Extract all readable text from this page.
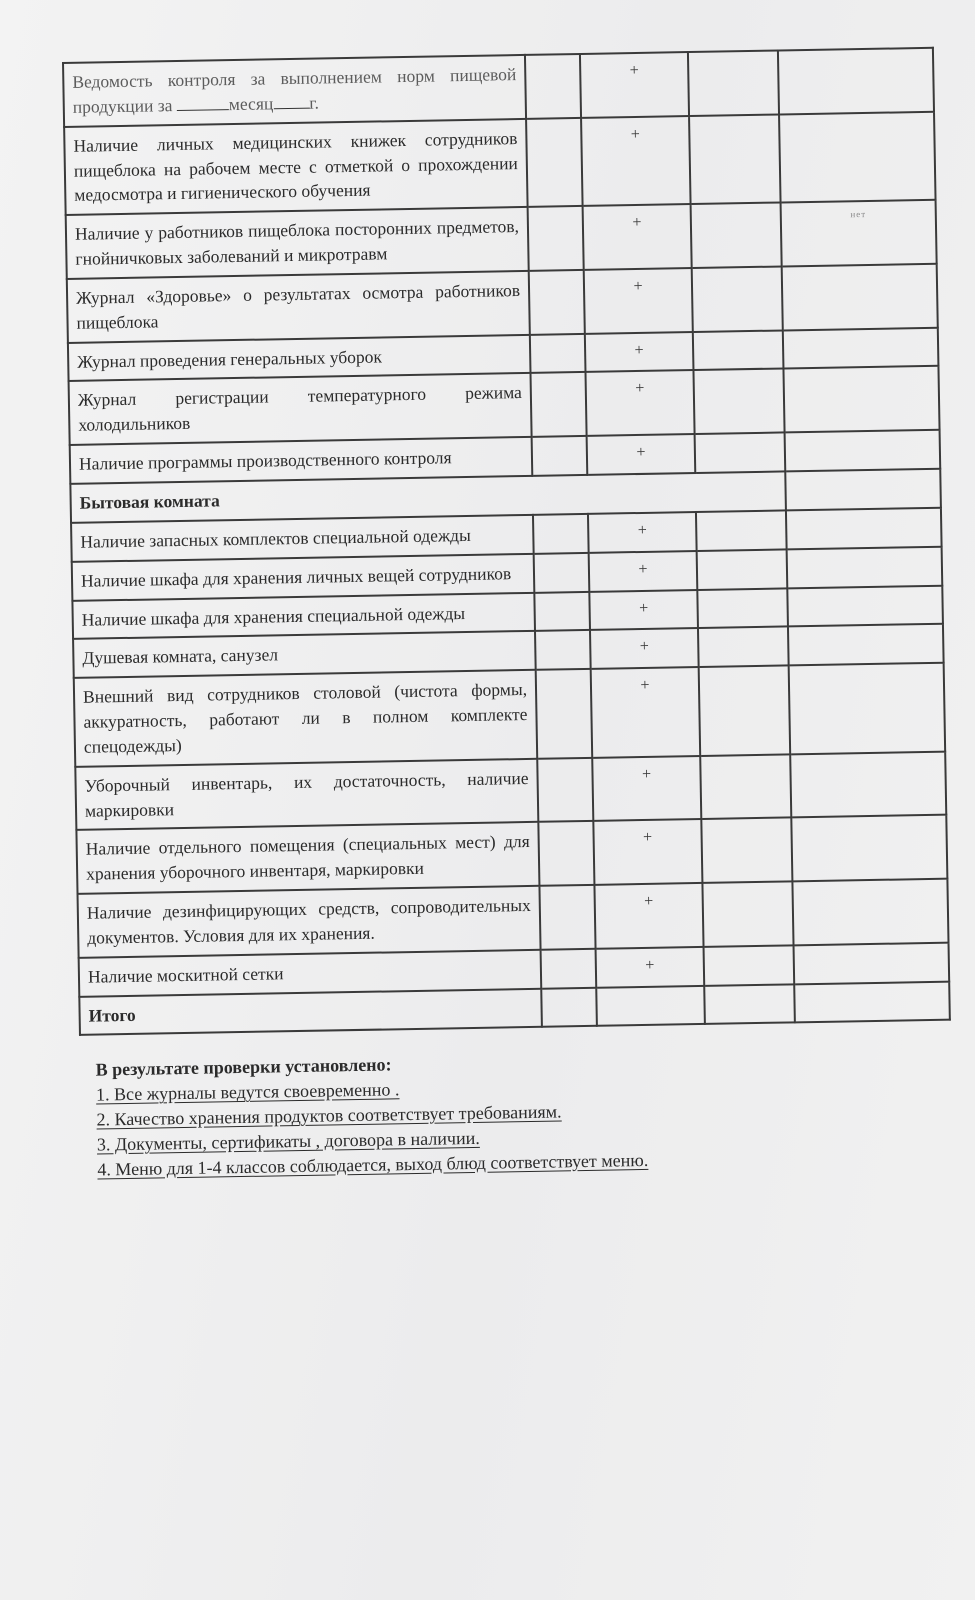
Ведомость контроля за выполнением норм пищевой продукции за месяц г.		+		
Наличие личных медицинских книжек сотрудников пищеблока на рабочем месте с отметкой о прохождении медосмотра и гигиенического обучения		+		
Наличие у работников пищеблока посторонних предметов, гнойничковых заболеваний и микротравм		+		нет
Журнал «Здоровье» о результатах осмотра работников пищеблока		+		
Журнал проведения генеральных уборок		+		
Журнал регистрации температурного режима холодильников		+		
Наличие программы производственного контроля		+		
Бытовая комната				
Наличие запасных комплектов специальной одежды		+		
Наличие шкафа для хранения личных вещей сотрудников		+		
Наличие шкафа для хранения специальной одежды		+		
Душевая комната, санузел		+		
Внешний вид сотрудников столовой (чистота формы, аккуратность, работают ли в полном комплекте спецодежды)		+		
Уборочный инвентарь, их достаточность, наличие маркировки		+		
Наличие отдельного помещения (специальных мест) для хранения уборочного инвентаря, маркировки		+		
Наличие дезинфицирующих средств, сопроводительных документов. Условия для их хранения.		+		
Наличие москитной сетки		+		
Итого				
В результате проверки установлено:
1. Все журналы ведутся своевременно .
2. Качество хранения продуктов соответствует требованиям.
3. Документы, сертификаты , договора в наличии.
4. Меню для 1-4 классов соблюдается, выход блюд соответствует меню.
